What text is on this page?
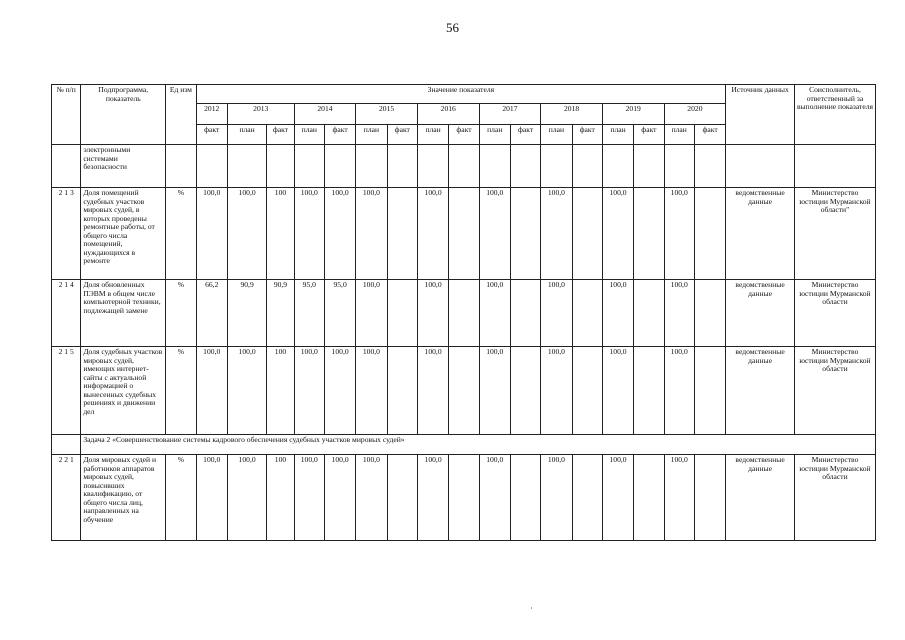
56
№ п/п	Подпрограмма, показатель	Ед изм	Значение показателя																	Источник данных	Соисполнитель, ответственный за выполнение показателя
			2012	2013		2014		2015		2016		2017		2018		2019		2020			
			факт	план	факт	план	факт	план	факт	план	факт	план	факт	план	факт	план	факт	план	факт		
	электронными системами безопасности																				
2 1 3	Доля помещений судебных участков мировых судей, в которых проведены ремонтные работы, от общего числа помещений, нуждающихся в ремонте	%	100,0	100,0	100	100,0	100,0	100,0		100,0		100,0		100,0		100,0		100,0		ведомственные данные	Министерство юстиции Мурманской области"
2 1 4	Доля обновленных ПЭВМ в общем числе компьютерной техники, подлежащей замене	%	66,2	90,9	90,9	95,0	95,0	100,0		100,0		100,0		100,0		100,0		100,0		ведомственные данные	Министерство юстиции Мурманской области
2 1 5	Доля судебных участков мировых судей, имеющих интернет-сайты с актуальной информацией о вынесенных судебных решениях и движении дел	%	100,0	100,0	100	100,0	100,0	100,0		100,0		100,0		100,0		100,0		100,0		ведомственные данные	Министерство юстиции Мурманской области
	Задача 2 «Совершенствование системы кадрового обеспечения судебных участков мировых судей»																				
2 2 1	Доля мировых судей и работников аппаратов мировых судей, повысивших квалификацию, от общего числа лиц, направленных на обучение	%	100,0	100,0	100	100,0	100,0	100,0		100,0		100,0		100,0		100,0		100,0		ведомственные данные	Министерство юстиции Мурманской области
˙
